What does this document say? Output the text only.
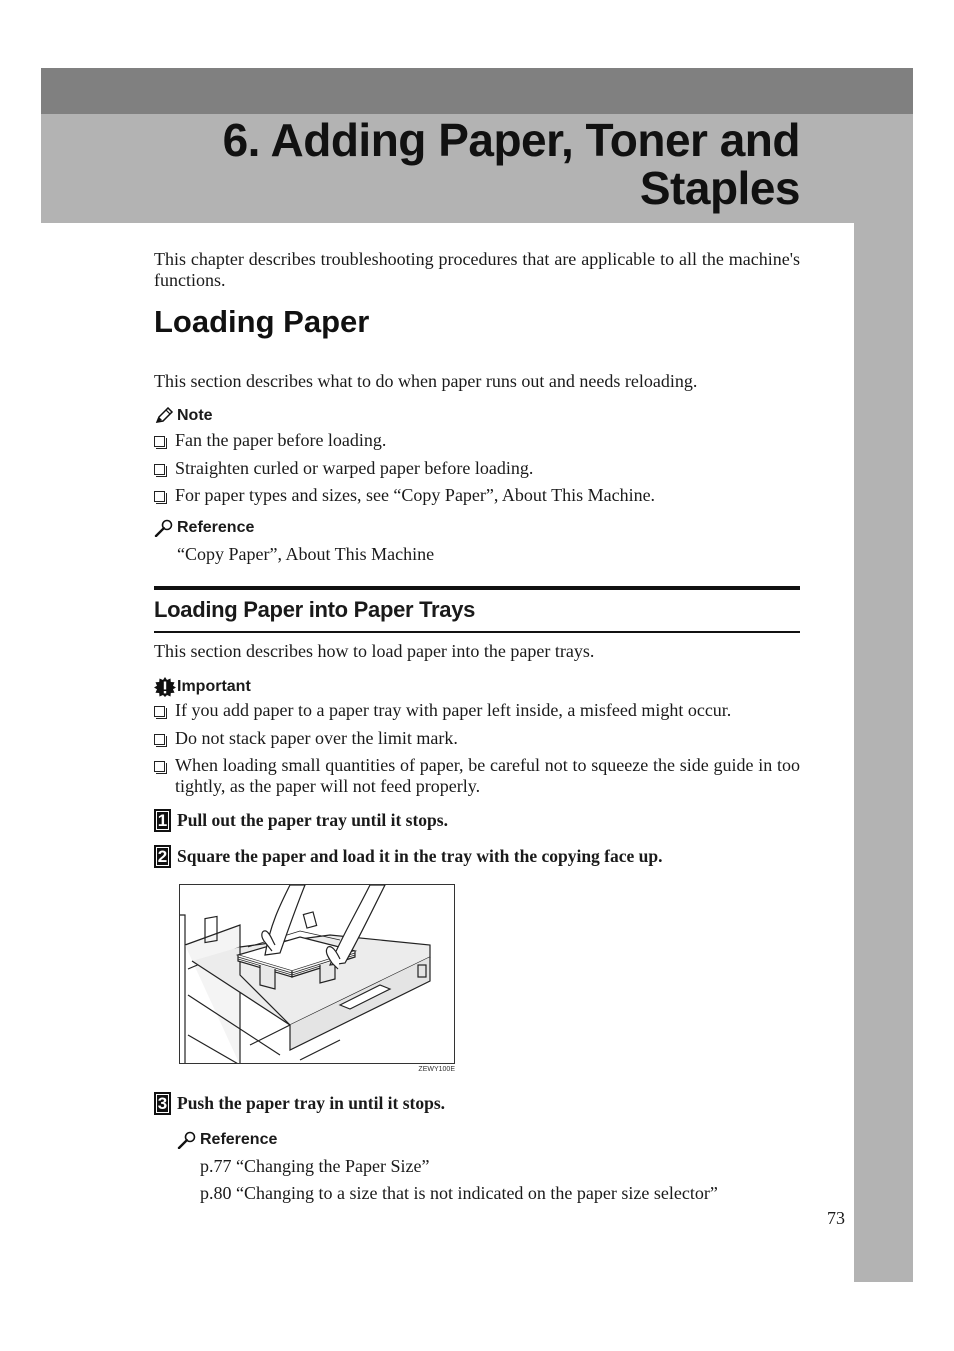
6. Adding Paper, Toner and
Staples

This chapter describes troubleshooting procedures that are applicable to all the machine's functions.

Loading Paper

This section describes what to do when paper runs out and needs reloading.

Note
Fan the paper before loading.
Straighten curled or warped paper before loading.
For paper types and sizes, see “Copy Paper”, About This Machine.
Reference
“Copy Paper”, About This Machine
Loading Paper into Paper Trays

This section describes how to load paper into the paper trays.

Important
If you add paper to a paper tray with paper left inside, a misfeed might occur.
Do not stack paper over the limit mark.
When loading small quantities of paper, be careful not to squeeze the side guide in too tightly, as the paper will not feed properly.
1 Pull out the paper tray until it stops.
2 Square the paper and load it in the tray with the copying face up.
ZEWY100E
3 Push the paper tray in until it stops.
Reference
p.77 “Changing the Paper Size”
p.80 “Changing to a size that is not indicated on the paper size selector”
73
